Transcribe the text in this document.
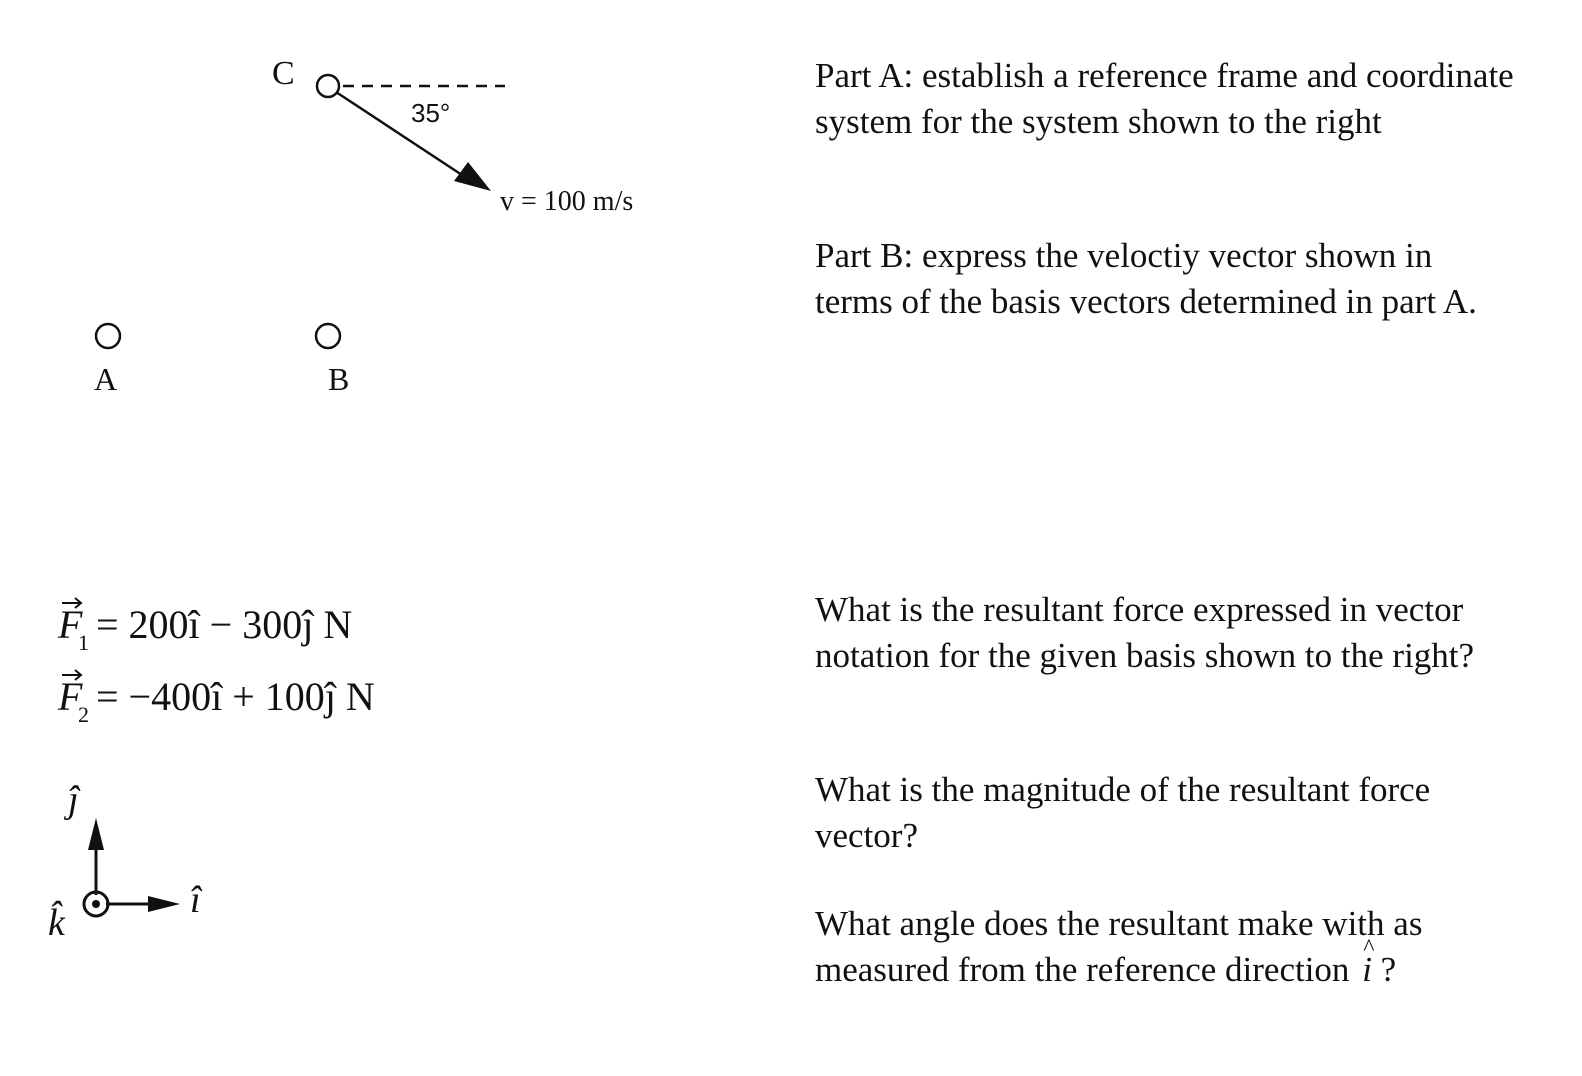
C
35°
v = 100 m/s
A	B
F
1 = 200î − 300ĵ N
F
2 = −400î + 100ĵ N
ĵ
î
k̂

Part A: establish a reference frame and coordinate system for the system shown to the right

Part B: express the veloctiy vector shown in terms of the basis vectors determined in part A.

What is the resultant force expressed in vector notation for the given basis shown to the right?

What is the magnitude of the resultant force vector?

What angle does the resultant make with as measured from the reference direction ^ i ?
